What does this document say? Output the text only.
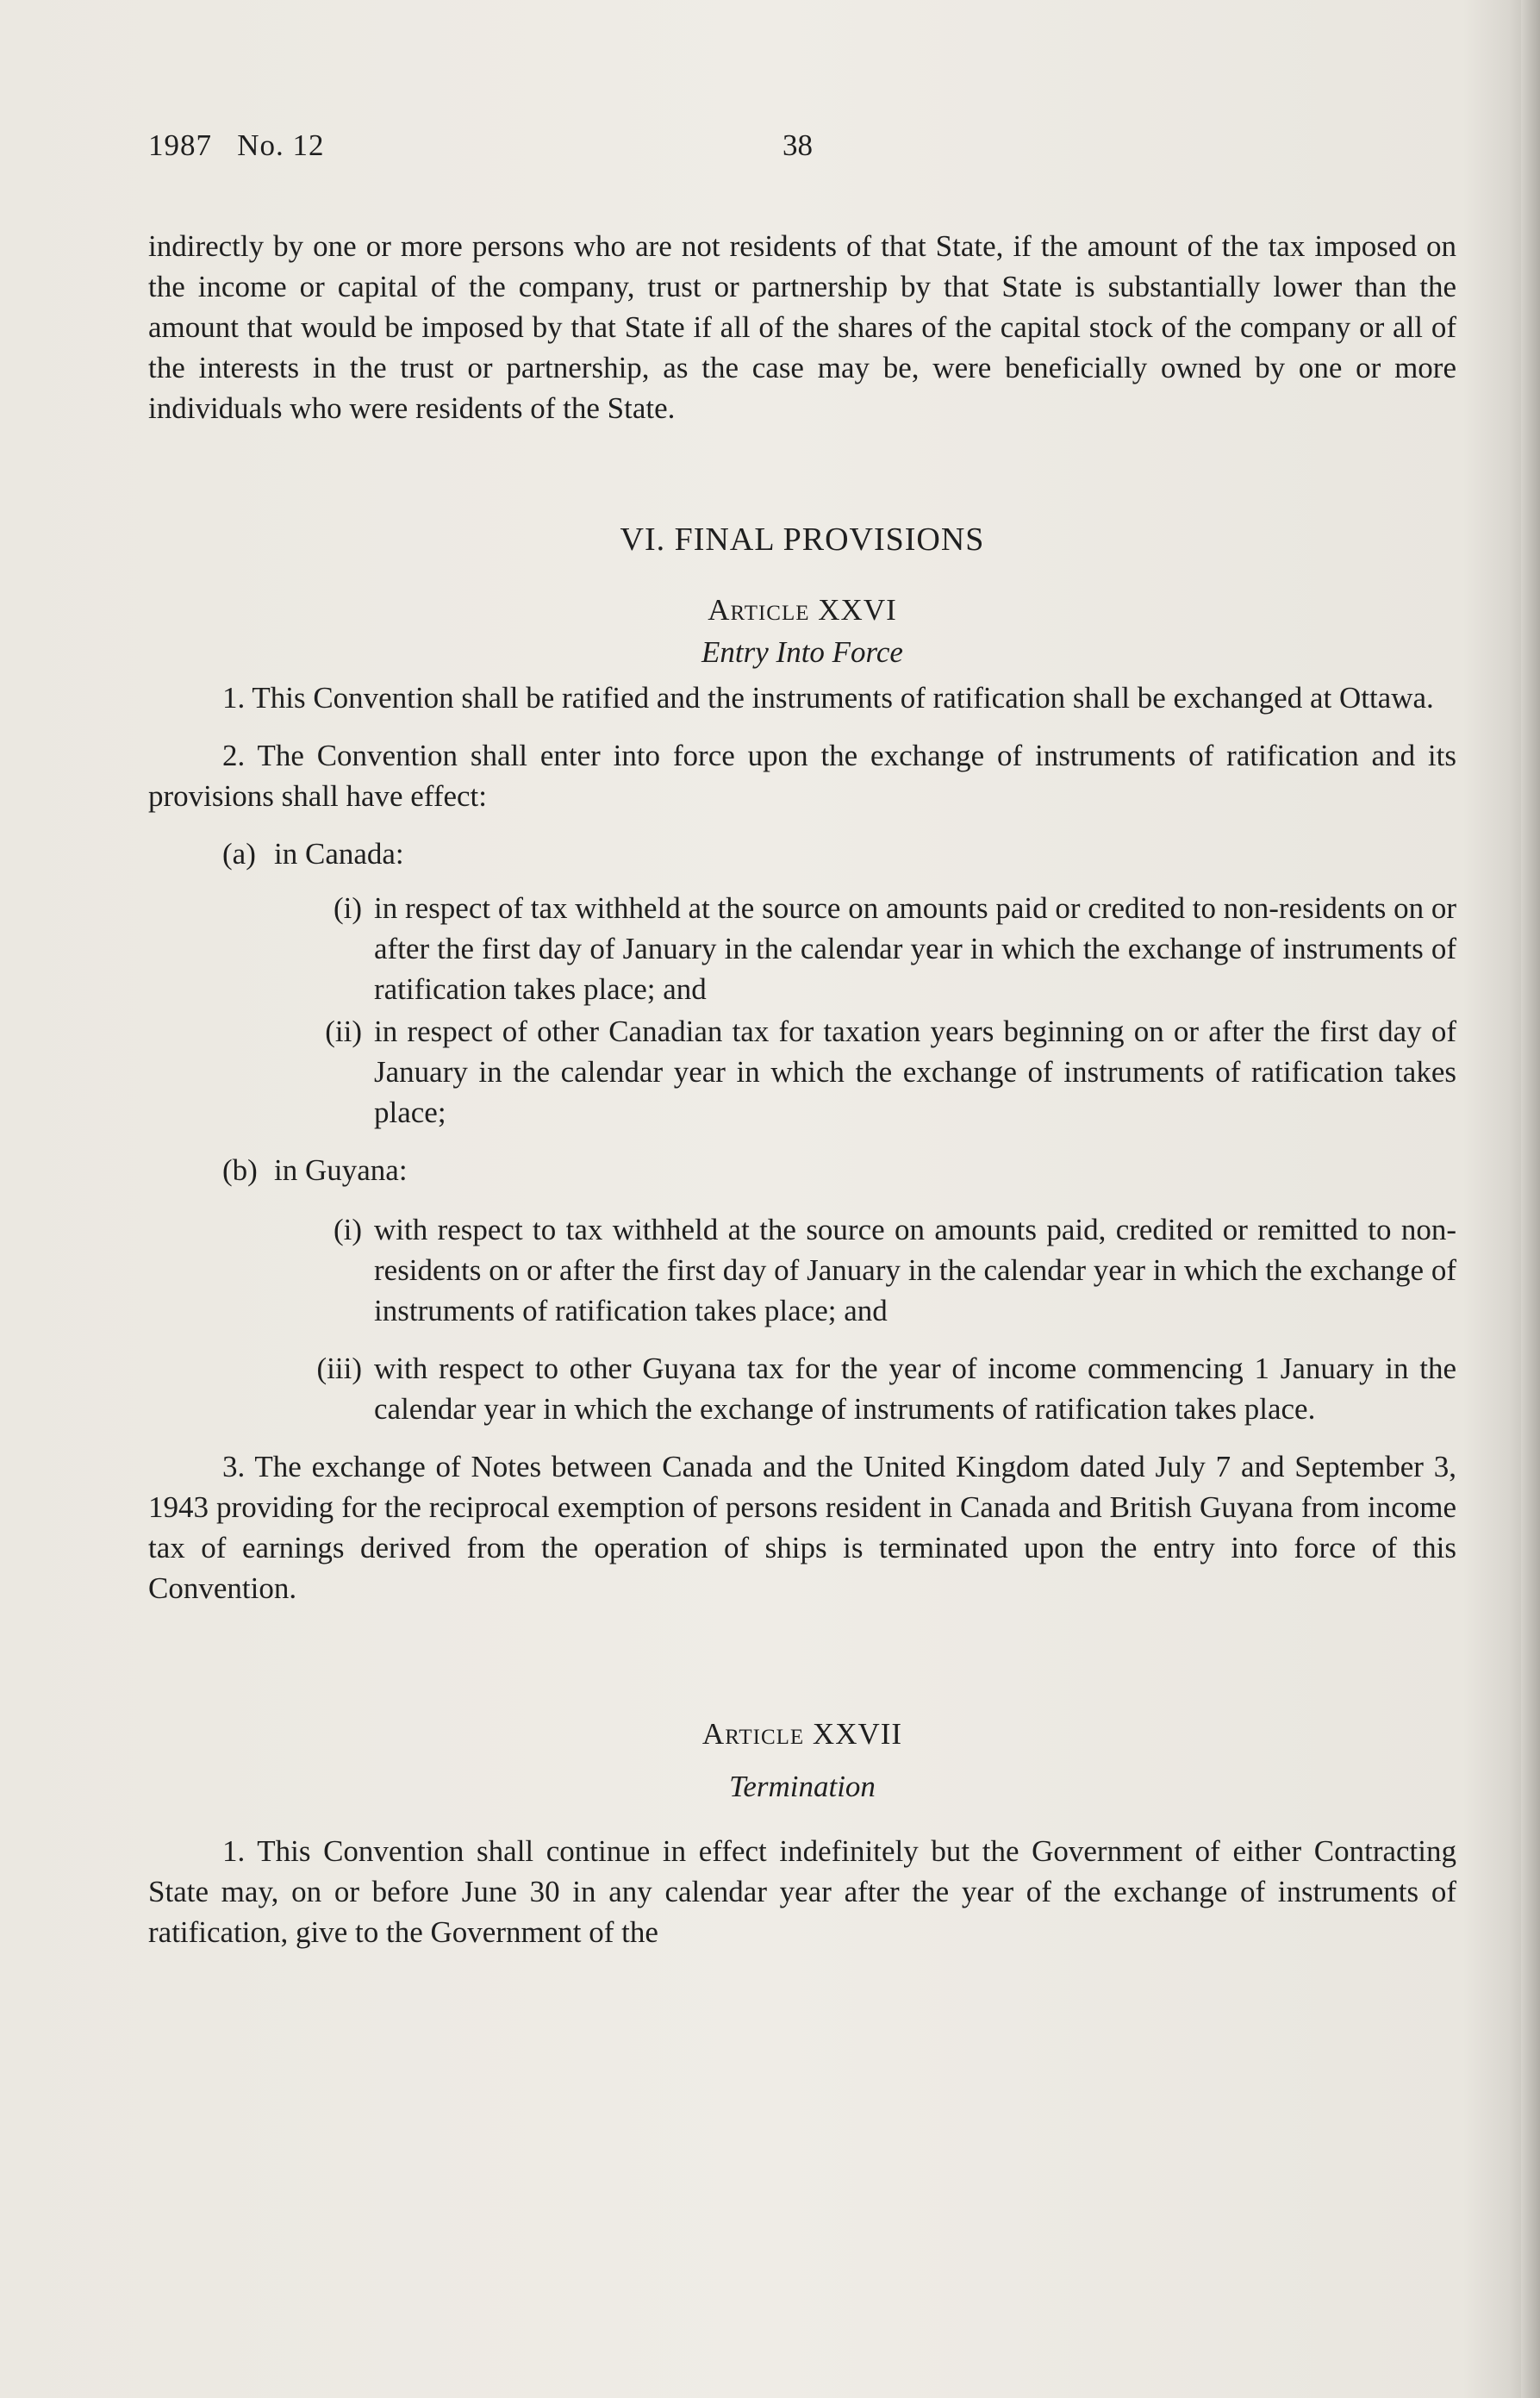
1987   No. 12	38

indirectly by one or more persons who are not residents of that State, if the amount of the tax imposed on the income or capital of the company, trust or partnership by that State is substantially lower than the amount that would be imposed by that State if all of the shares of the capital stock of the company or all of the interests in the trust or partnership, as the case may be, were beneficially owned by one or more individuals who were residents of the State.

VI. FINAL PROVISIONS
Article XXVI
Entry Into Force

1. This Convention shall be ratified and the instruments of ratification shall be exchanged at Ottawa.

2. The Convention shall enter into force upon the exchange of instruments of ratification and its provisions shall have effect:

(a) in Canada:
(i) in respect of tax withheld at the source on amounts paid or credited to non-residents on or after the first day of January in the calendar year in which the exchange of instruments of ratification takes place; and
(ii) in respect of other Canadian tax for taxation years beginning on or after the first day of January in the calendar year in which the exchange of instruments of ratification takes place;
(b) in Guyana:
(i) with respect to tax withheld at the source on amounts paid, credited or remitted to non-residents on or after the first day of January in the calendar year in which the exchange of instruments of ratification takes place; and
(iii) with respect to other Guyana tax for the year of income commencing 1 January in the calendar year in which the exchange of instruments of ratification takes place.

3. The exchange of Notes between Canada and the United Kingdom dated July 7 and September 3, 1943 providing for the reciprocal exemption of persons resident in Canada and British Guyana from income tax of earnings derived from the operation of ships is terminated upon the entry into force of this Convention.

Article XXVII
Termination

1. This Convention shall continue in effect indefinitely but the Government of either Contracting State may, on or before June 30 in any calendar year after the year of the exchange of instruments of ratification, give to the Government of the
